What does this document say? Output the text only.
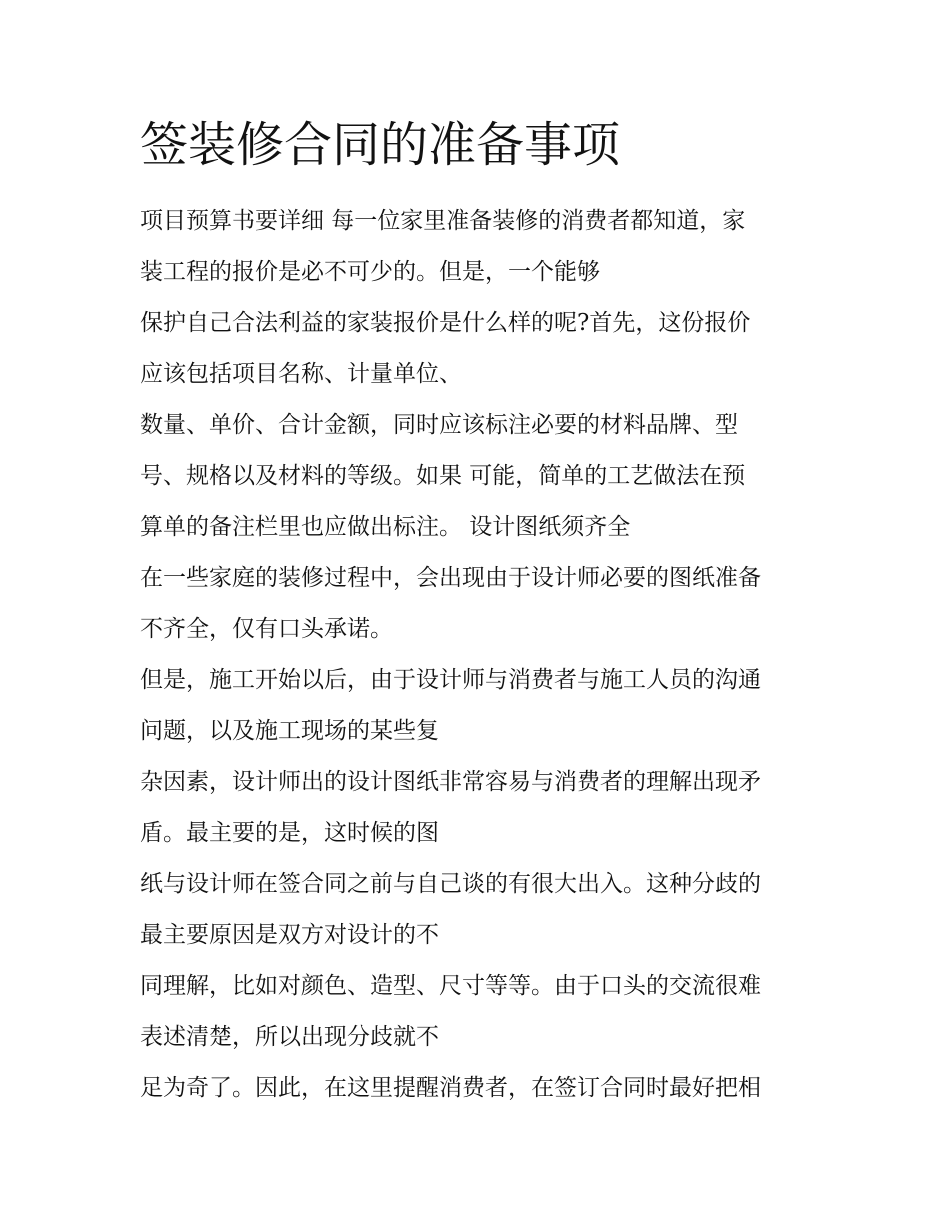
签装修合同的准备事项

项目预算书要详细 每一位家里准备装修的消费者都知道，家

装工程的报价是必不可少的。但是，一个能够

保护自己合法利益的家装报价是什么样的呢?首先，这份报价

应该包括项目名称、计量单位、

数量、单价、合计金额，同时应该标注必要的材料品牌、型

号、规格以及材料的等级。如果 可能，简单的工艺做法在预

算单的备注栏里也应做出标注。 设计图纸须齐全

在一些家庭的装修过程中，会出现由于设计师必要的图纸准备

不齐全，仅有口头承诺。

但是，施工开始以后，由于设计师与消费者与施工人员的沟通

问题，以及施工现场的某些复

杂因素，设计师出的设计图纸非常容易与消费者的理解出现矛

盾。最主要的是，这时候的图

纸与设计师在签合同之前与自己谈的有很大出入。这种分歧的

最主要原因是双方对设计的不

同理解，比如对颜色、造型、尺寸等等。由于口头的交流很难

表述清楚，所以出现分歧就不

足为奇了。因此，在这里提醒消费者，在签订合同时最好把相
